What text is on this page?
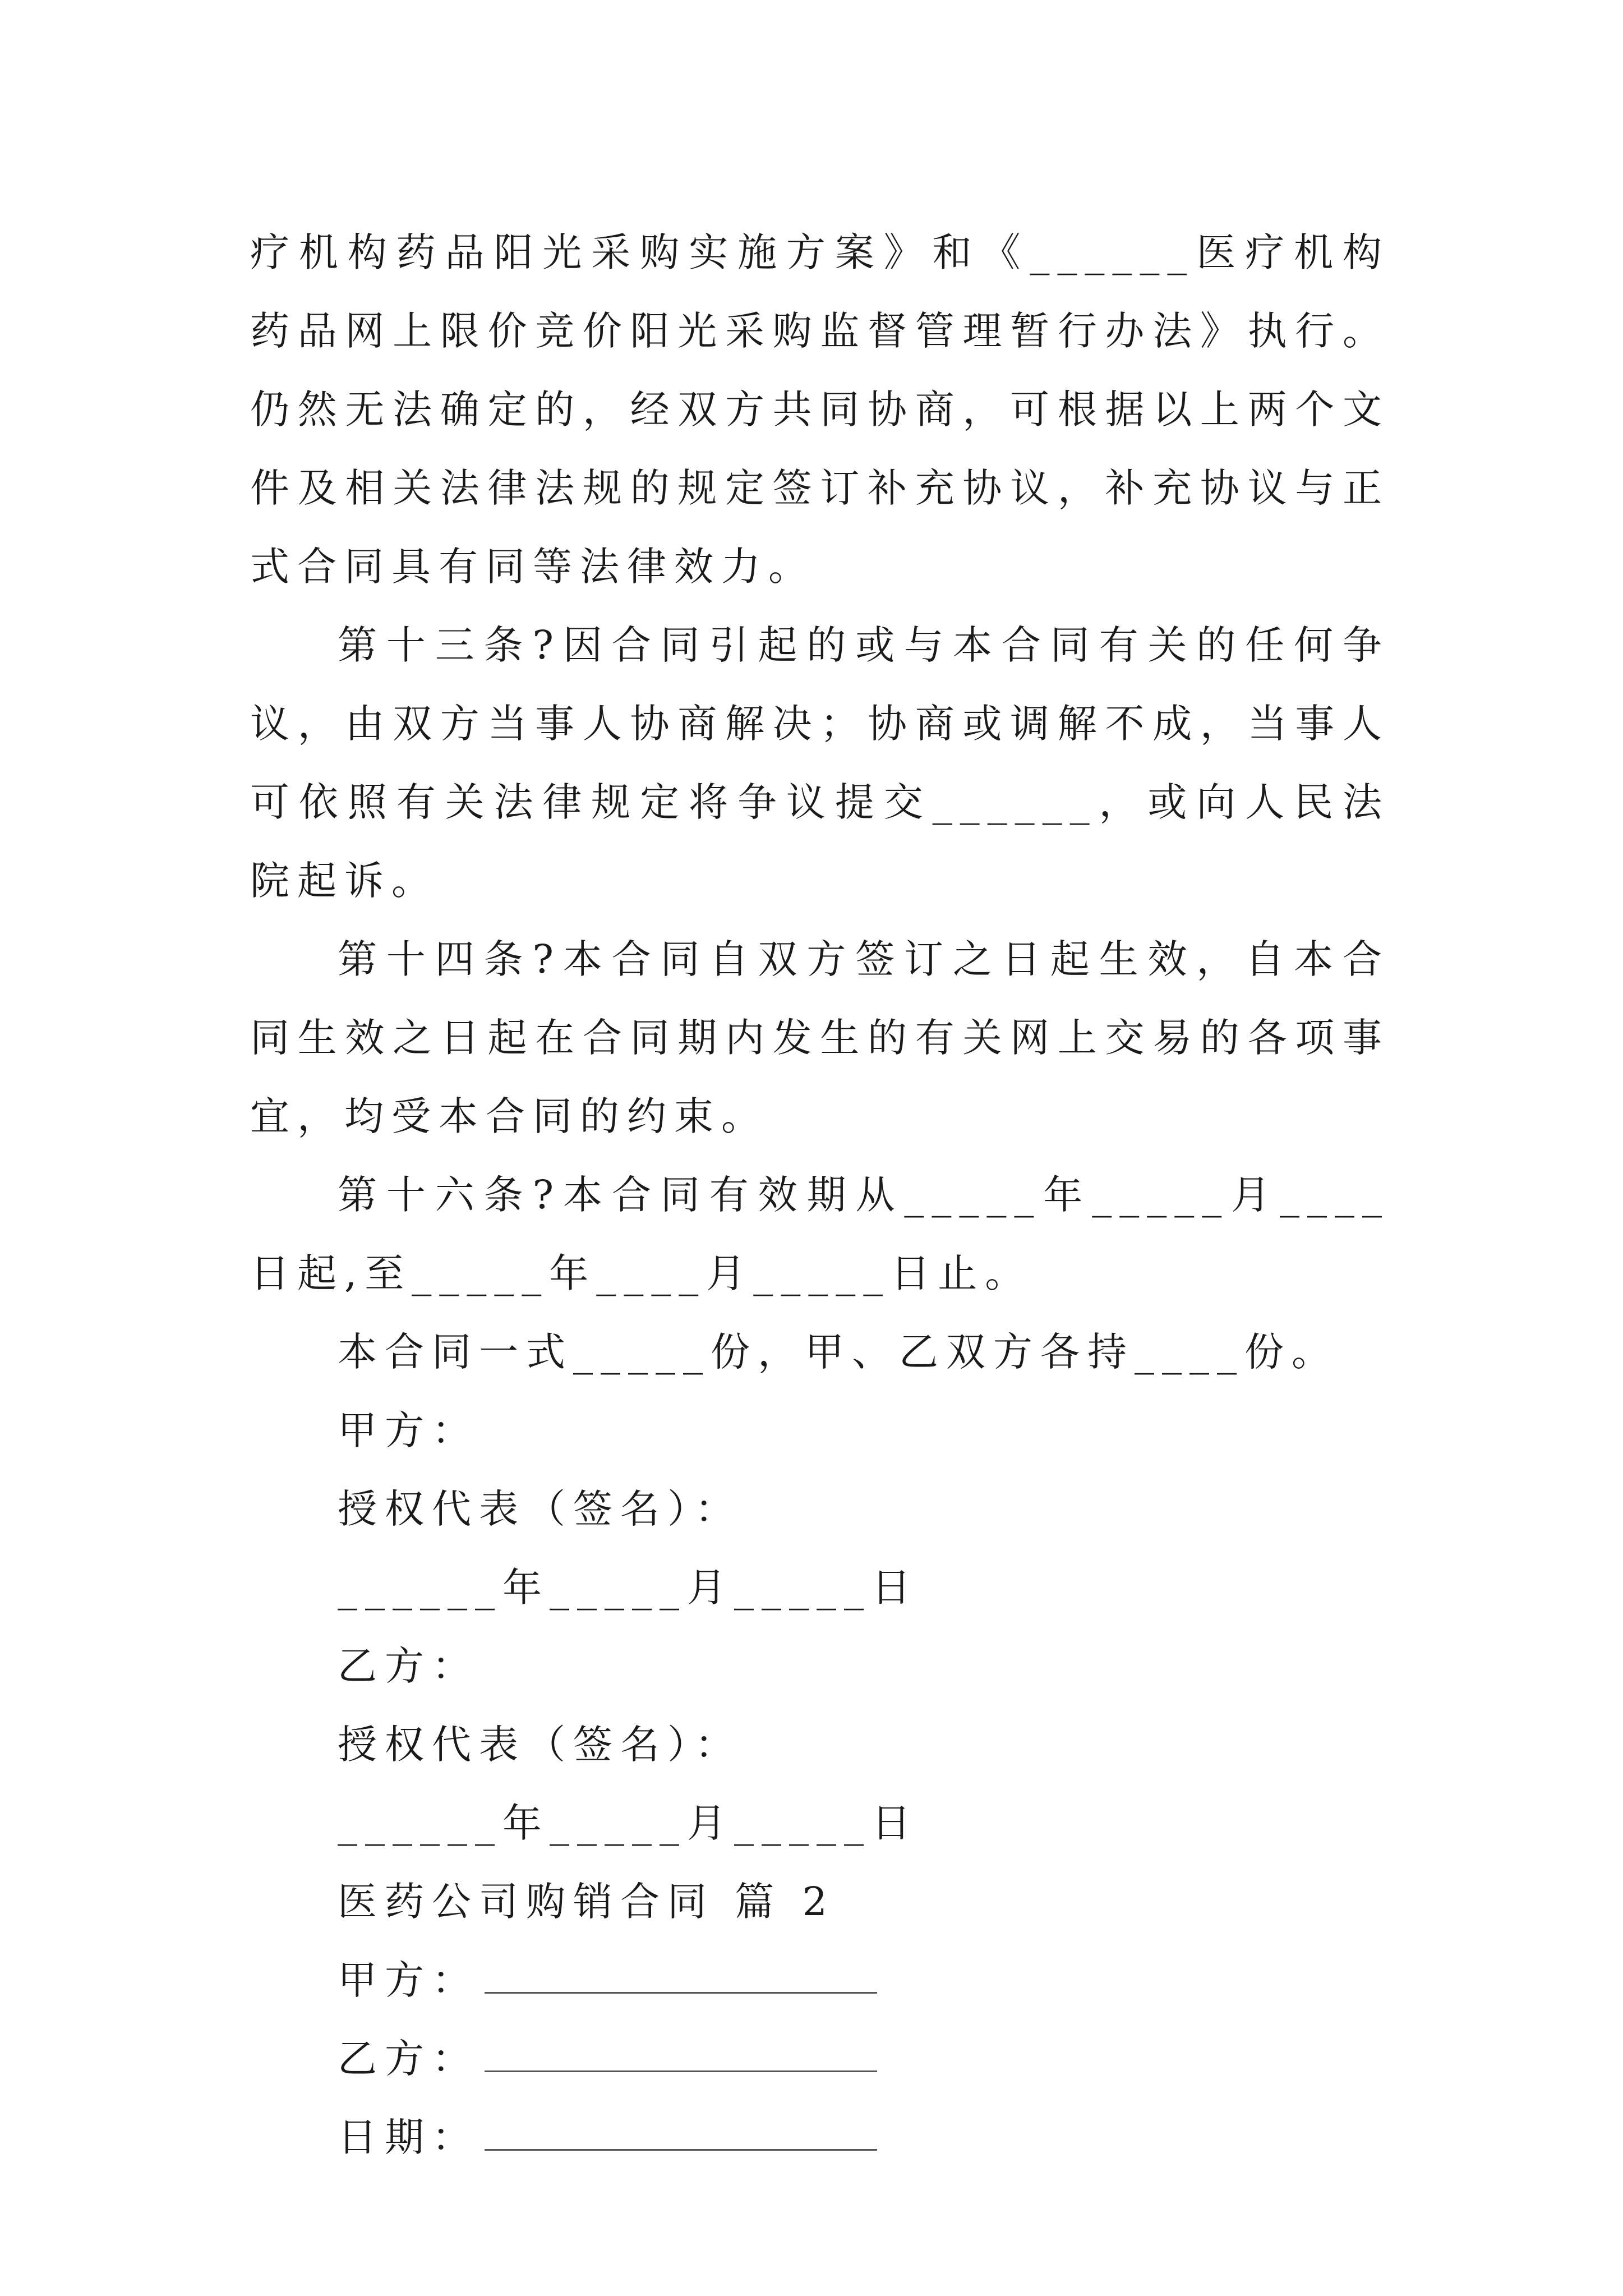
疗机构药品阳光采购实施方案》和《______医疗机构药品网上限价竞价阳光采购监督管理暂行办法》执行。仍然无法确定的，经双方共同协商，可根据以上两个文件及相关法律法规的规定签订补充协议，补充协议与正式合同具有同等法律效力。

第十三条?因合同引起的或与本合同有关的任何争议，由双方当事人协商解决；协商或调解不成，当事人可依照有关法律规定将争议提交______，或向人民法院起诉。

第十四条?本合同自双方签订之日起生效，自本合同生效之日起在合同期内发生的有关网上交易的各项事宜，均受本合同的约束。

第十六条?本合同有效期从_____年_____月____日起,至_____年____月_____日止。

本合同一式_____份，甲、乙双方各持____份。

甲方：

授权代表（签名）：

______年_____月_____日

乙方：

授权代表（签名）：

______年_____月_____日

医药公司购销合同 篇 2

甲方：

乙方：

日期：
